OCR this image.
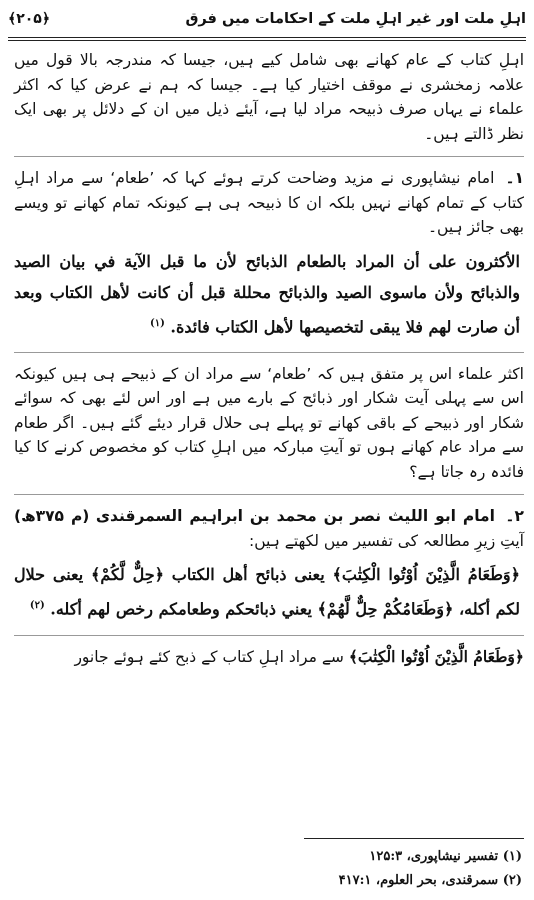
اہلِ ملت اور غیر اہلِ ملت کے احکامات میں فرق
﴿۲۰۵﴾

اہلِ کتاب کے عام کھانے بھی شامل کیے ہیں، جیسا کہ مندرجہ بالا قول میں علامہ زمخشری نے موقف اختیار کیا ہے۔ جیسا کہ ہم نے عرض کیا کہ اکثر علماء نے یہاں صرف ذبیحہ مراد لیا ہے، آیئے ذیل میں ان کے دلائل پر بھی ایک نظر ڈالتے ہیں۔

۱۔ امام نیشاپوری نے مزید وضاحت کرتے ہوئے کہا کہ ’طعام‘ سے مراد اہلِ کتاب کے تمام کھانے نہیں بلکہ ان کا ذبیحہ ہی ہے کیونکہ تمام کھانے تو ویسے بھی جائز ہیں۔

الأكثرون على أن المراد بالطعام الذبائح لأن ما قبل الآية في بيان الصيد والذبائح ولأن ماسوى الصيد والذبائح محللة قبل أن كانت لأهل الكتاب وبعد أن صارت لهم فلا يبقى لتخصيصها لأهل الكتاب فائدة. $^{(۱)}$

اکثر علماء اس پر متفق ہیں کہ ’طعام‘ سے مراد ان کے ذبیحے ہی ہیں کیونکہ اس سے پہلی آیت شکار اور ذبائح کے بارے میں ہے اور اس لئے بھی کہ سوائے شکار اور ذبیحے کے باقی کھانے تو پہلے ہی حلال قرار دیئے گئے ہیں۔ اگر طعام سے مراد عام کھانے ہوں تو آیتِ مبارکہ میں اہلِ کتاب کو مخصوص کرنے کا کیا فائدہ رہ جاتا ہے؟

۲۔ امام ابو اللیث نصر بن محمد بن ابراہیم السمرقندی (م ۳۷۵ھ) آیتِ زیرِ مطالعہ کی تفسیر میں لکھتے ہیں:

﴿وَطَعَامُ الَّذِيْنَ اُوْتُوا الْكِتٰبَ﴾ يعنى ذبائح أهل الكتاب ﴿حِلٌّ لَّكُمْ﴾ يعنى حلال لكم أكله، ﴿وَطَعَامُكُمْ حِلٌّ لَّهُمْ﴾ يعني ذبائحكم وطعامكم رخص لهم أكله. $^{(۲)}$

﴿وَطَعَامُ الَّذِيْنَ اُوْتُوا الْكِتٰبَ﴾ سے مراد اہلِ کتاب کے ذبح کئے ہوئے جانور

(۱) تفسير نيشاپوری، ۱۲۵:۳
(۲) سمرقندی، بحر العلوم، ۴۱۷:۱
